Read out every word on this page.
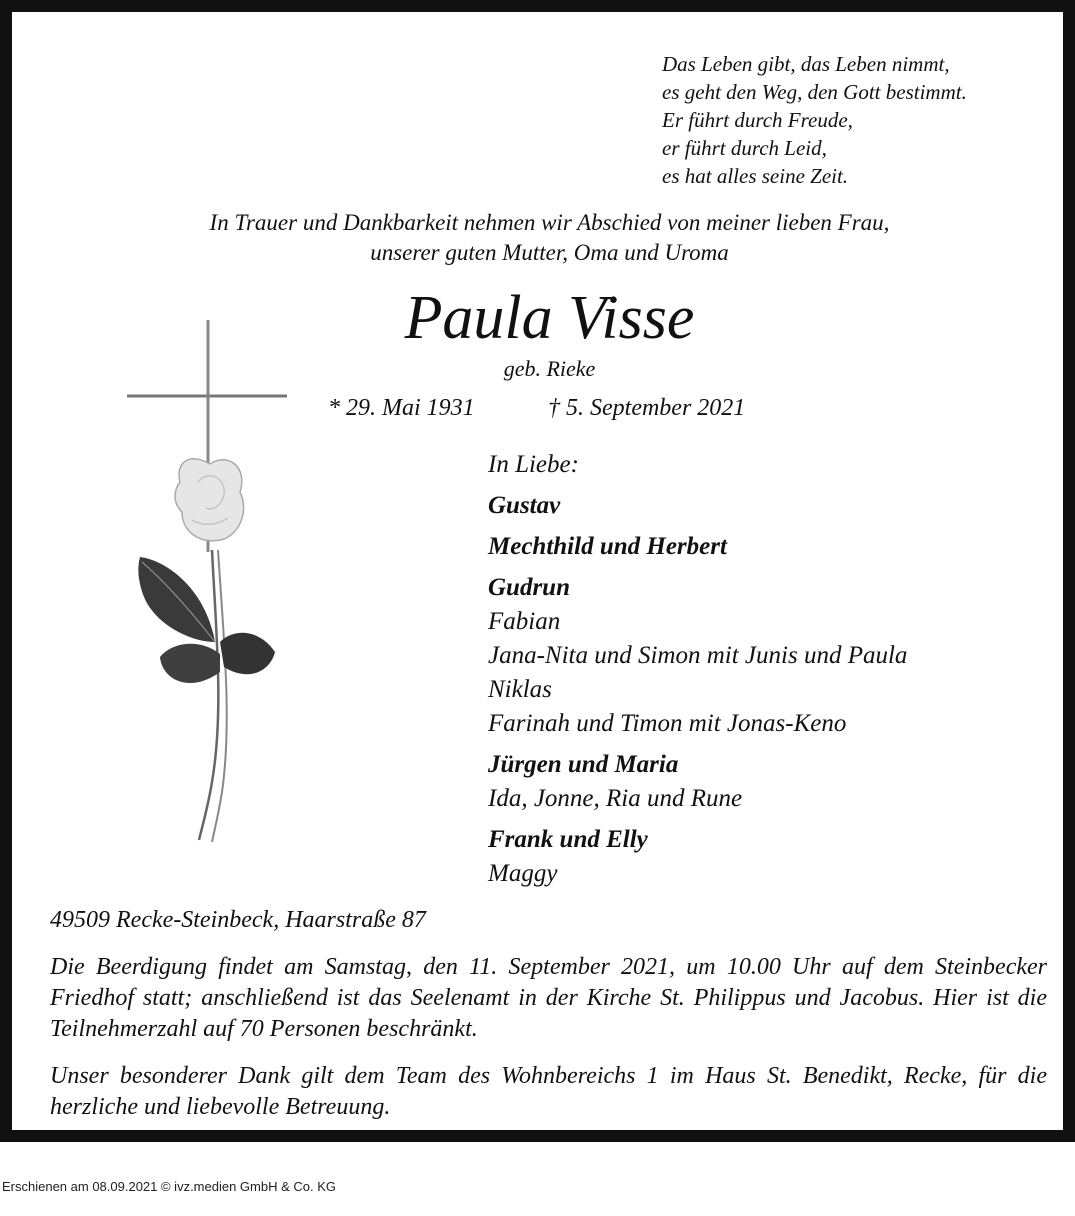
Das Leben gibt, das Leben nimmt,
es geht den Weg, den Gott bestimmt.
Er führt durch Freude,
er führt durch Leid,
es hat alles seine Zeit.
In Trauer und Dankbarkeit nehmen wir Abschied von meiner lieben Frau,
unserer guten Mutter, Oma und Uroma
Paula Visse
geb. Rieke
* 29. Mai 1931	† 5. September 2021
In Liebe:
Gustav
Mechthild und Herbert
Gudrun
Fabian
Jana-Nita und Simon mit Junis und Paula
Niklas
Farinah und Timon mit Jonas-Keno
Jürgen und Maria
Ida, Jonne, Ria und Rune
Frank und Elly
Maggy
49509 Recke-Steinbeck, Haarstraße 87
Die Beerdigung findet am Samstag, den 11. September 2021, um 10.00 Uhr auf dem Steinbecker Friedhof statt; anschließend ist das Seelenamt in der Kirche St. Philippus und Jacobus. Hier ist die Teilnehmerzahl auf 70 Personen beschränkt.
Unser besonderer Dank gilt dem Team des Wohnbereichs 1 im Haus St. Benedikt, Recke, für die herzliche und liebevolle Betreuung.
Erschienen am 08.09.2021 © ivz.medien GmbH & Co. KG
